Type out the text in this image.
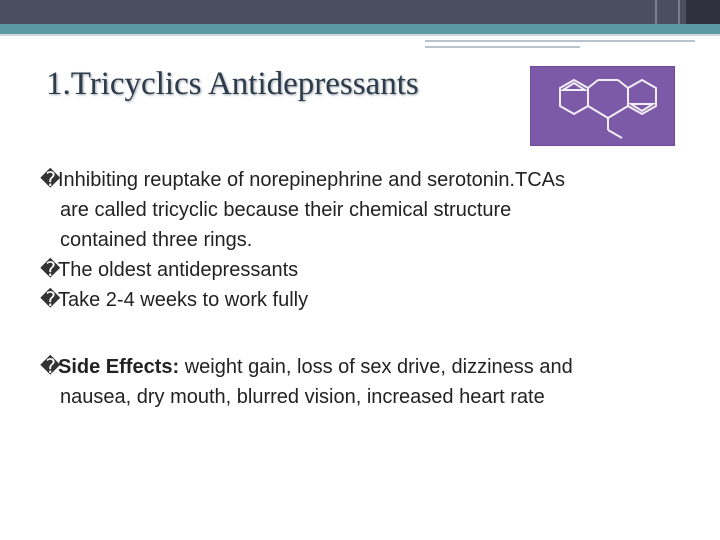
1.Tricyclics Antidepressants
�Inhibiting reuptake of norepinephrine and serotonin.TCAs
are called tricyclic because their chemical structure
contained three rings.
�The oldest antidepressants
�Take 2-4 weeks to work fully
�Side Effects: weight gain, loss of sex drive, dizziness and
nausea, dry mouth, blurred vision, increased heart rate
